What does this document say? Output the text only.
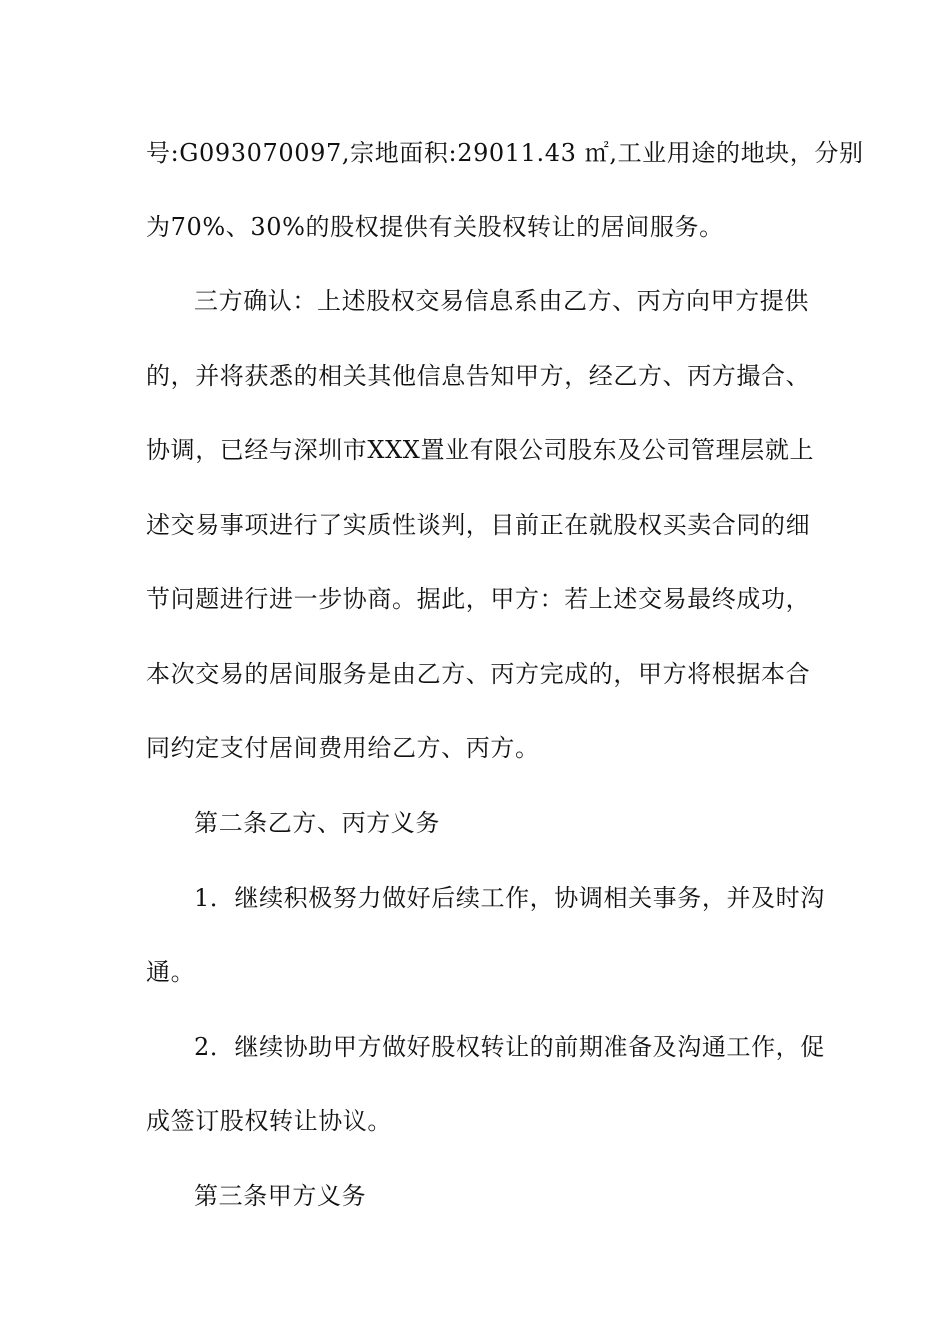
号:G093070097,宗地面积:29011.43 ㎡,工业用途的地块，分别
为70%、30%的股权提供有关股权转让的居间服务。
三方确认：上述股权交易信息系由乙方、丙方向甲方提供
的，并将获悉的相关其他信息告知甲方，经乙方、丙方撮合、
协调，已经与深圳市XXX置业有限公司股东及公司管理层就上
述交易事项进行了实质性谈判，目前正在就股权买卖合同的细
节问题进行进一步协商。据此，甲方：若上述交易最终成功，
本次交易的居间服务是由乙方、丙方完成的，甲方将根据本合
同约定支付居间费用给乙方、丙方。
第二条乙方、丙方义务
1．继续积极努力做好后续工作，协调相关事务，并及时沟
通。
2．继续协助甲方做好股权转让的前期准备及沟通工作，促
成签订股权转让协议。
第三条甲方义务
